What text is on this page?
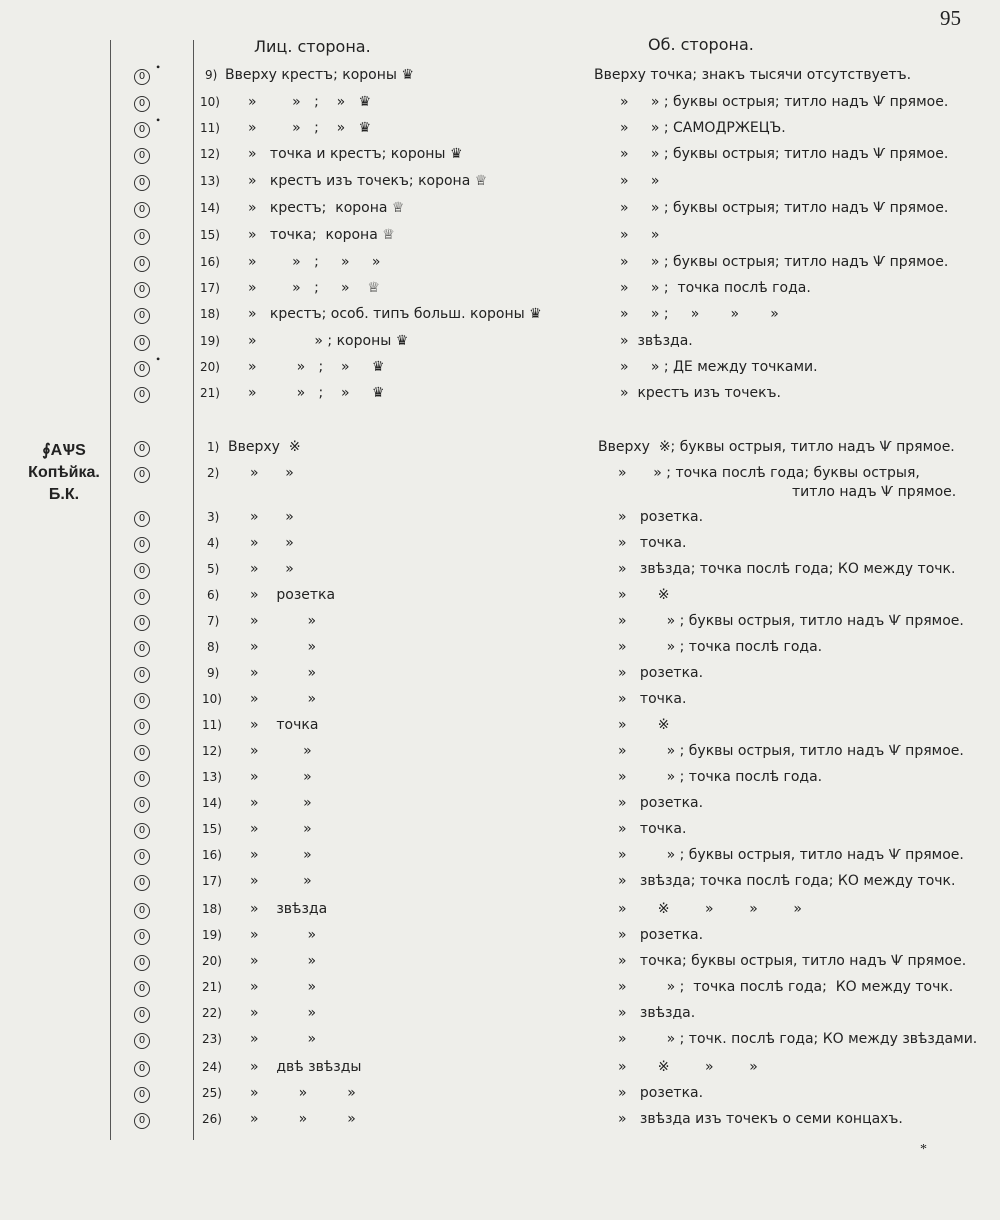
95
Лиц. сторона.	Об. сторона.
∮АѰЅ
Копѣйка.
Б.К.
0
•
9) Вверху крестъ; короны ♛	Вверху точка; знакъ тысячи отсутствуетъ.
0	10) »        »   ;    »   ♛	»     » ; буквы острыя; титло надъ Ѱ прямое.
0
•
11) »        »   ;    »   ♛	»     » ; САМОДРЖЕЦЪ.
0	12) »   точка и крестъ; короны ♛	»     » ; буквы острыя; титло надъ Ѱ прямое.
0	13) »   крестъ изъ точекъ; корона ♕	»     »
0	14) »   крестъ;  корона ♕	»     » ; буквы острыя; титло надъ Ѱ прямое.
0	15) »   точка;  корона ♕	»     »
0	16) »        »   ;     »     »	»     » ; буквы острыя; титло надъ Ѱ прямое.
0	17) »        »   ;     »    ♕	»     » ;  точка послѣ года.
0	18) »   крестъ; особ. типъ больш. короны ♛	»     » ;     »       »       »
0	19) »             » ; короны ♛	»  звѣзда.
0
•
20) »         »   ;    »     ♛	»     » ; ДЕ между точками.
0	21) »         »   ;    »     ♛	»  крестъ изъ точекъ.
0	1) Вверху  ※	Вверху  ※; буквы острыя, титло надъ Ѱ прямое.
0	2) »      »	»      » ; точка послѣ года; буквы острыя,
титло надъ Ѱ прямое.
0	3) »      »	»   розетка.
0	4) »      »	»   точка.
0	5) »      »	»   звѣзда; точка послѣ года; КО между точк.
0	6) »    розетка	»       ※
0	7) »           »	»         » ; буквы острыя, титло надъ Ѱ прямое.
0	8) »           »	»         » ; точка послѣ года.
0	9) »           »	»   розетка.
0	10) »           »	»   точка.
0	11) »    точка	»       ※
0	12) »          »	»         » ; буквы острыя, титло надъ Ѱ прямое.
0	13) »          »	»         » ; точка послѣ года.
0	14) »          »	»   розетка.
0	15) »          »	»   точка.
0	16) »          »	»         » ; буквы острыя, титло надъ Ѱ прямое.
0	17) »          »	»   звѣзда; точка послѣ года; КО между точк.
0	18) »    звѣзда	»       ※        »        »        »
0	19) »           »	»   розетка.
0	20) »           »	»   точка; буквы острыя, титло надъ Ѱ прямое.
0	21) »           »	»         » ;  точка послѣ года;  КО между точк.
0	22) »           »	»   звѣзда.
0	23) »           »	»         » ; точк. послѣ года; КО между звѣздами.
0	24) »    двѣ звѣзды	»       ※        »        »
0	25) »         »         »	»   розетка.
0	26) »         »         »	»   звѣзда изъ точекъ о семи концахъ.
*
